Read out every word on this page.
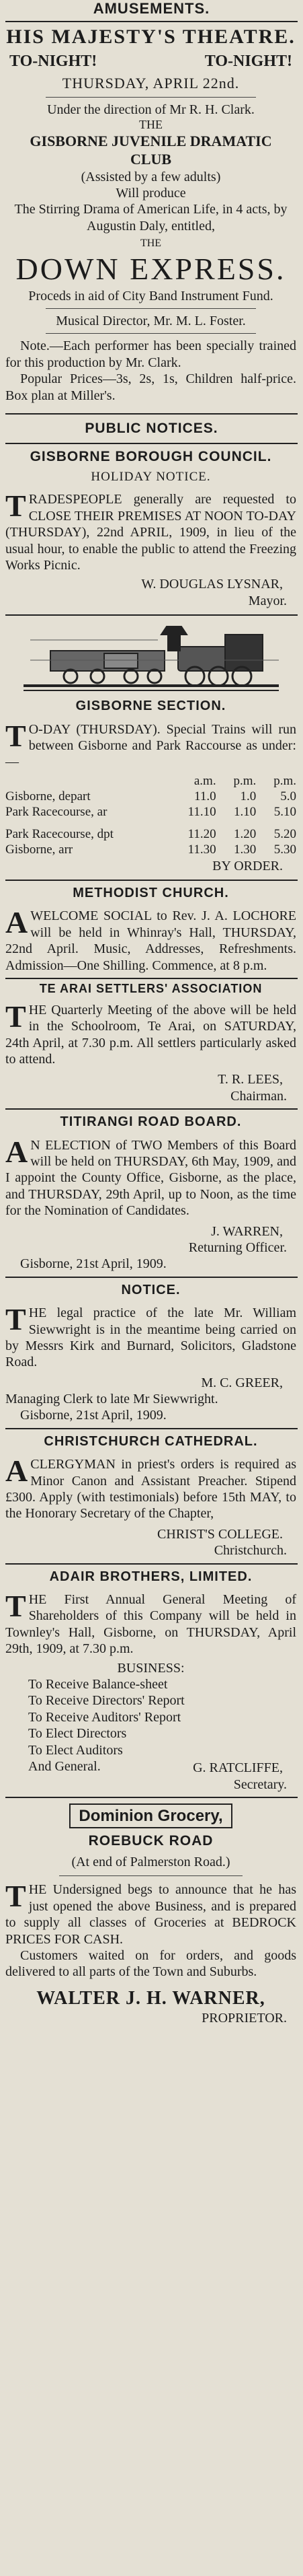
AMUSEMENTS.
HIS MAJESTY'S THEATRE.
TO-NIGHT!	TO-NIGHT!
THURSDAY, APRIL 22nd.
Under the direction of Mr R. H. Clark.
THE
GISBORNE JUVENILE DRAMATIC
CLUB
(Assisted by a few adults)
Will produce
The Stirring Drama of American Life, in 4 acts, by Augustin Daly, entitled,
THE
DOWN EXPRESS.
Proceds in aid of City Band Instrument Fund.
Musical Director, Mr. M. L. Foster.

Note.—Each performer has been specially trained for this production by Mr. Clark.

Popular Prices—3s, 2s, 1s, Children half-price. Box plan at Miller's.

PUBLIC NOTICES.
GISBORNE BOROUGH COUNCIL.
HOLIDAY NOTICE.

TRADESPEOPLE generally are requested to CLOSE THEIR PREMISES AT NOON TO-DAY (THURSDAY), 22nd APRIL, 1909, in lieu of the usual hour, to enable the public to attend the Freezing Works Picnic.

W. DOUGLAS LYSNAR,
Mayor.
GISBORNE SECTION.

T O-DAY (THURSDAY). Special Trains will run between Gisborne and Park Raccourse as under:—

	a.m.	p.m.	p.m.
Gisborne, depart	11.0	1.0	5.0
Park Racecourse, ar	11.10	1.10	5.10

Park Racecourse, dpt	11.20	1.20	5.20
Gisborne, arr	11.30	1.30	5.30
BY ORDER.
METHODIST CHURCH.

AWELCOME SOCIAL to Rev. J. A. LOCHORE will be held in Whinray's Hall, THURSDAY, 22nd April. Music, Addresses, Refreshments. Admission—One Shilling. Commence, at 8 p.m.

TE ARAI SETTLERS' ASSOCIATION

THE Quarterly Meeting of the above will be held in the Schoolroom, Te Arai, on SATURDAY, 24th April, at 7.30 p.m. All settlers particularly asked to attend.

T. R. LEES,
Chairman.
TITIRANGI ROAD BOARD.

A N ELECTION of TWO Members of this Board will be held on THURSDAY, 6th May, 1909, and I appoint the County Office, Gisborne, as the place, and THURSDAY, 29th April, up to Noon, as the time for the Nomination of Candidates.

J. WARREN,
Returning Officer.
Gisborne, 21st April, 1909.
NOTICE.

THE legal practice of the late Mr. William Siewwright is in the meantime being carried on by Messrs Kirk and Burnard, Solicitors, Gladstone Road.

M. C. GREER,
Managing Clerk to late Mr Siewwright.
Gisborne, 21st April, 1909.
CHRISTCHURCH CATHEDRAL.

ACLERGYMAN in priest's orders is required as Minor Canon and Assistant Preacher. Stipend £300. Apply (with testimonials) before 15th MAY, to the Honorary Secretary of the Chapter,

CHRIST'S COLLEGE.
Christchurch.
ADAIR BROTHERS, LIMITED.

THE First Annual General Meeting of Shareholders of this Company will be held in Townley's Hall, Gisborne, on THURSDAY, April 29th, 1909, at 7.30 p.m.

BUSINESS:
To Receive Balance-sheet
To Receive Directors' Report
To Receive Auditors' Report
To Elect Directors
To Elect Auditors
And General.	G. RATCLIFFE,
Secretary.
Dominion Grocery,
ROEBUCK ROAD
(At end of Palmerston Road.)

THE Undersigned begs to announce that he has just opened the above Business, and is prepared to supply all classes of Groceries at BEDROCK PRICES FOR CASH.

Customers waited on for orders, and goods delivered to all parts of the Town and Suburbs.

WALTER J. H. WARNER,
PROPRIETOR.
